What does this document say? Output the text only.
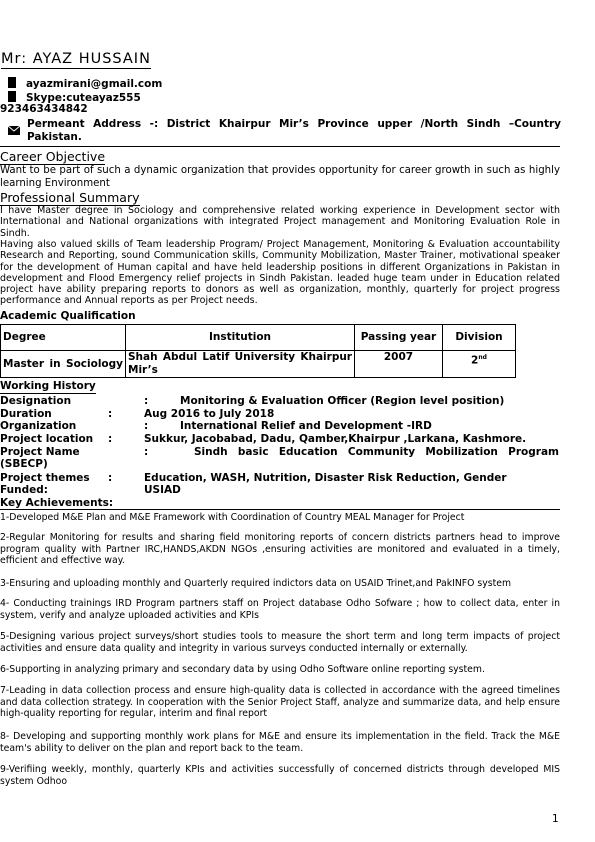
Mr: AYAZ HUSSAIN
ayazmirani@gmail.com
Skype:cuteayaz555
923463434842
Permeant Address -: District Khairpur Mir’s Province upper /North Sindh –Country Pakistan.
Career Objective
Want to be part of such a dynamic organization that provides opportunity for career growth in such as highly learning Environment
Professional Summary
I have Master degree in Sociology and comprehensive related working experience in Development sector with International and National organizations with integrated Project management and Monitoring Evaluation Role in Sindh.
Having also valued skills of Team leadership Program/ Project Management, Monitoring & Evaluation accountability Research and Reporting, sound Communication skills, Community Mobilization, Master Trainer, motivational speaker for the development of Human capital and have held leadership positions in different Organizations in Pakistan in development and Flood Emergency relief projects in Sindh Pakistan. leaded huge team under in Education related project have ability preparing reports to donors as well as organization, monthly, quarterly for project progress performance and Annual reports as per Project needs.
Academic Qualification
Degree	Institution	Passing year	Division

Master in Sociology	Shah Abdul Latif University Khairpur Mir’s	2007	2nd
Working History
Designation	:	Monitoring & Evaluation Officer (Region level position)
Duration	:	Aug 2016 to July 2018
Organization	:	International Relief and Development -IRD
Project location :	Sukkur, Jacobabad, Dadu, Qamber,Khairpur ,Larkana, Kashmore.
Project Name	:	Sindh basic Education Community Mobilization Program
(SBECP)
Project themes :	Education, WASH, Nutrition, Disaster Risk Reduction, Gender
Funded:	USIAD
Key Achievements:
1-Developed M&E Plan and M&E Framework with Coordination of Country MEAL Manager for Project
2-Regular Monitoring for results and sharing field monitoring reports of concern districts partners head to improve program quality with Partner IRC,HANDS,AKDN NGOs ,ensuring activities are monitored and evaluated in a timely, efficient and effective way.
3-Ensuring and uploading monthly and Quarterly required indictors data on USAID Trinet,and PakINFO system
4- Conducting trainings IRD Program partners staff on Project database Odho Sofware ; how to collect data, enter in system, verify and analyze uploaded activities and KPIs
5-Designing various project surveys/short studies tools to measure the short term and long term impacts of project activities and ensure data quality and integrity in various surveys conducted internally or externally.
6-Supporting in analyzing primary and secondary data by using Odho Software online reporting system.
7-Leading in data collection process and ensure high-quality data is collected in accordance with the agreed timelines and data collection strategy. In cooperation with the Senior Project Staff, analyze and summarize data, and help ensure high-quality reporting for regular, interim and final report
8- Developing and supporting monthly work plans for M&E and ensure its implementation in the field. Track the M&E team's ability to deliver on the plan and report back to the team.
9-Verifiing weekly, monthly, quarterly KPIs and activities successfully of concerned districts through developed MIS system Odhoo
1
